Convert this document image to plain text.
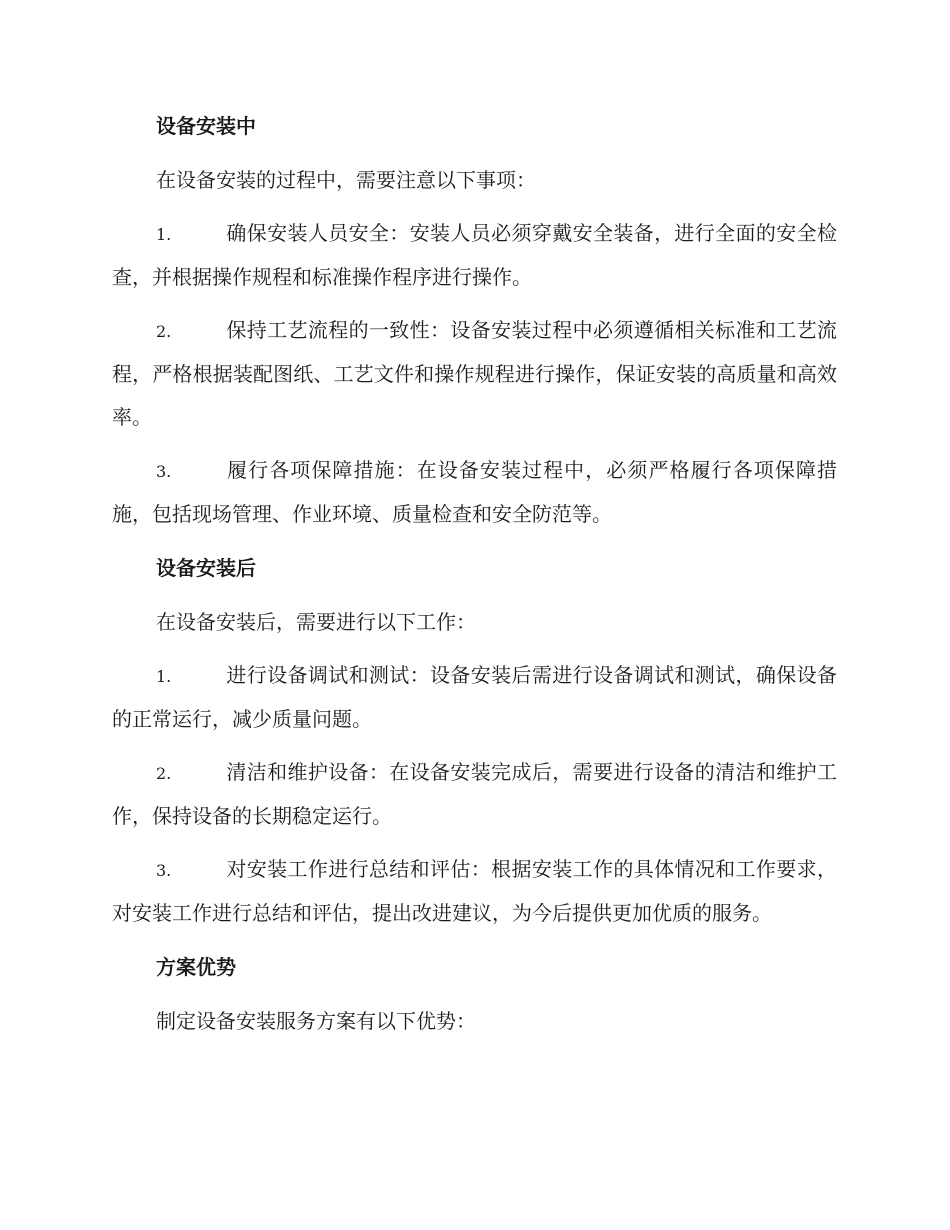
设备安装中

在设备安装的过程中，需要注意以下事项：

1.	确保安装人员安全：安装人员必须穿戴安全装备，进行全面的安全检查，并根据操作规程和标准操作程序进行操作。

2.	保持工艺流程的一致性：设备安装过程中必须遵循相关标准和工艺流程，严格根据装配图纸、工艺文件和操作规程进行操作，保证安装的高质量和高效率。

3.	履行各项保障措施：在设备安装过程中，必须严格履行各项保障措施，包括现场管理、作业环境、质量检查和安全防范等。

设备安装后

在设备安装后，需要进行以下工作：

1.	进行设备调试和测试：设备安装后需进行设备调试和测试，确保设备的正常运行，减少质量问题。

2.	清洁和维护设备：在设备安装完成后，需要进行设备的清洁和维护工作，保持设备的长期稳定运行。

3.	对安装工作进行总结和评估：根据安装工作的具体情况和工作要求，对安装工作进行总结和评估，提出改进建议，为今后提供更加优质的服务。

方案优势

制定设备安装服务方案有以下优势：
